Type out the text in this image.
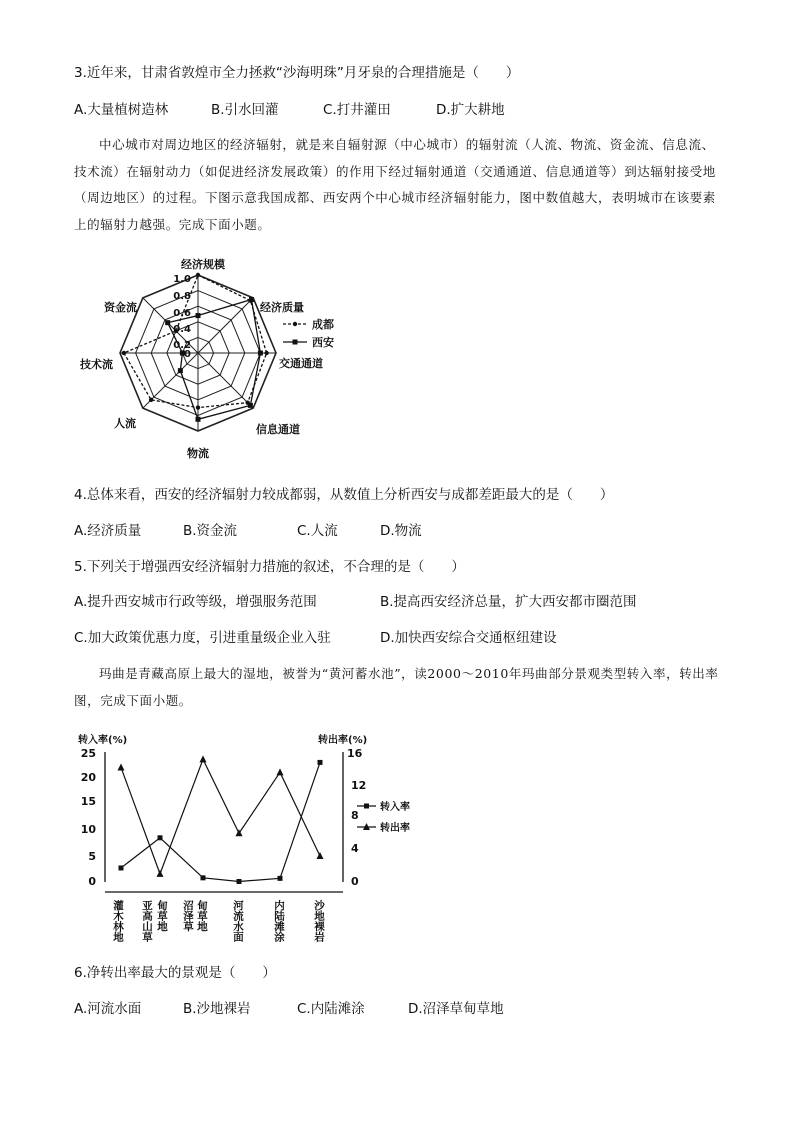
3.近年来，甘肃省敦煌市全力拯救“沙海明珠”月牙泉的合理措施是（　　）
A.大量植树造林	B.引水回灌	C.打井灌田	D.扩大耕地
中心城市对周边地区的经济辐射，就是来自辐射源（中心城市）的辐射流（人流、物流、资金流、信息流、技术流）在辐射动力（如促进经济发展政策）的作用下经过辐射通道（交通通道、信息通道等）到达辐射接受地（周边地区）的过程。下图示意我国成都、西安两个中心城市经济辐射能力，图中数值越大，表明城市在该要素上的辐射力越强。完成下面小题。
1.0
0.8
0.6
0.4
0.2
0
经济规模
经济质量
交通通道
信息通道
物流
人流
技术流
资金流
成都
西安
4.总体来看，西安的经济辐射力较成都弱，从数值上分析西安与成都差距最大的是（　　）
A.经济质量	B.资金流	C.人流	D.物流
5.下列关于增强西安经济辐射力措施的叙述，不合理的是（　　）
A.提升西安城市行政等级，增强服务范围	B.提高西安经济总量，扩大西安都市圈范围
C.加大政策优惠力度，引进重量级企业入驻	D.加快西安综合交通枢纽建设
玛曲是青藏高原上最大的湿地，被誉为“黄河蓄水池”，读2000～2010年玛曲部分景观类型转入率，转出率图，完成下面小题。
转入率(%)	转出率(%)
25
20
15
10
5
0
16
12
8
4
0
转入率
转出率
灌木林地 亚高山草 甸草地 沼泽草 甸草地 河流水面	内陆滩涂	沙地裸岩
6.净转出率最大的景观是（　　）
A.河流水面	B.沙地裸岩	C.内陆滩涂	D.沼泽草甸草地
